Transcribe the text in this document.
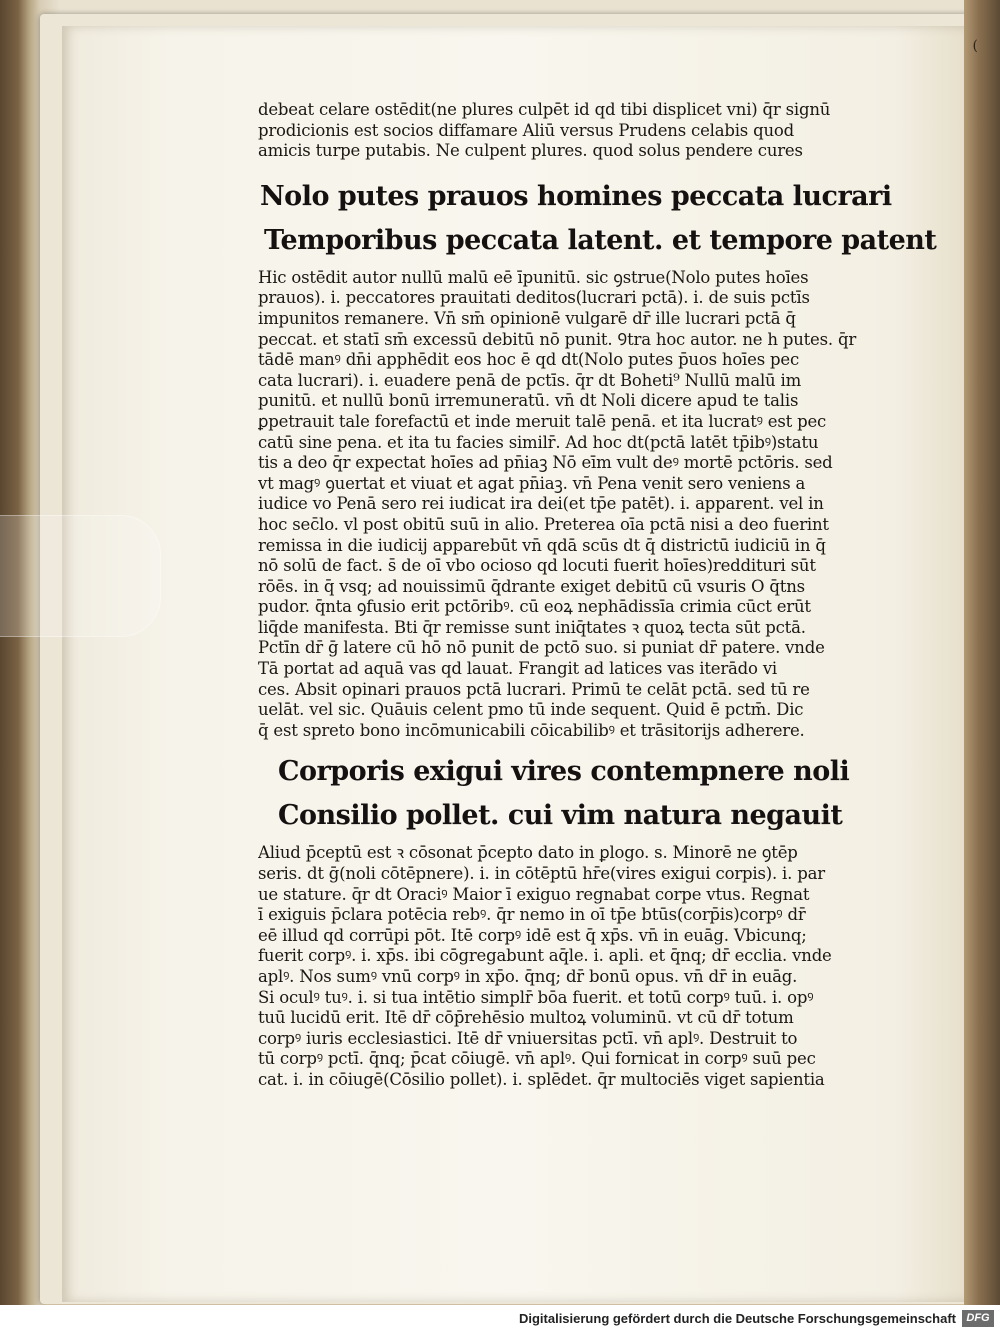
(
debeat celare ostēdit(ne plures culpēt id qd tibi displicet vni) q̄r signū
prodicionis est socios diffamare Aliū versus Prudens celabis quod
amicis turpe putabis. Ne culpent plures. quod solus pendere cures
Nolo putes prauos homines peccata lucrari
Temporibus peccata latent. et tempore patent
Hic ostēdit autor nullū malū eē īpunitū. sic ꝯstrue(Nolo putes hoīes
prauos). i. peccatores prauitati deditos(lucrari pctā). i. de suis pctīs
impunitos remanere. Vn̄ sm̄ opinionē vulgarē dr̄ ille lucrari pctā q̄
peccat. et statī sm̄ excessū debitū nō punit̄. Ꝯtra hoc autor. ne h̄ putes. q̄r
tādē manꝰ dn̄i apphēdit eos hoc ē qd̄ dt̄(Nolo putes p̄uos hoīes pec
cata lucrari). i. euadere penā de pctīs. q̄r dt̄ Boheti⁹ Nullū malū im
punitū. et nullū bonū irremuneratū. vn̄ dt̄ Noli dicere apud te talis
ꝑpetrauit tale forefactū et inde meruit talē penā. et ita lucratꝰ est pec
catū sine pena. et ita tu facies similr̄. Ad hoc dt̄(pctā latēt tp̄ibꝰ)statu
tis a deo q̄r expectat hoīes ad pn̄iaꝫ Nō eīm vult deꝰ mortē pctōris. sed
vt magꝰ ꝯuertat̄ et viuat et agat pn̄iaꝫ. vn̄ Pena venit sero veniens a
iudice vo Penā sero rei iudicat ira dei(et tp̄e patēt). i. apparent. vel in
hoc sec̄lo. vl̄ post obitū suū in alio. Preterea oīa pctā nisi a deo fuerint
remissa in die iudicij apparebūt vn̄ qdā scūs dt̄ q̄ districtū iudiciū in q̄
nō solū de fact̄. s̄ de oī vbo ocioso qd̄ locuti fuerit hoīes)reddituri sūt
rōēs. in q̄ vsq; ad nouissimū q̄drante exiget̄ debitū cū vsuris O q̄tns
pudor. q̄nta ꝯfusio erit pctōribꝰ. cū eoꝝ nephādissīa crimia cūct̄ erūt
liq̄de manifesta. Bti q̄r remisse sunt iniq̄tates ꝛ quoꝝ tecta sūt pctā.
Pctīn dr̄ ḡ latere cū hō nō punit̄ de pctō suo. si puniat̄ dr̄ patere. vnde
Tā portat̄ ad aquā vas qd̄ lauat. Frangit̄ ad latices vas iterādo vi
ces. Absit opinari prauos pctā lucrari. Primū te celāt pctā. sed tū re
uelāt. vel sic. Quāuis celent̄ pmo tū inde sequent̄. Quid ē pctm̄. Dic
q̄ est spreto bono incōmunicabili cōicabilibꝰ et trāsitorijs adherere.
Corporis exigui vires contempnere noli
Consilio pollet. cui vim natura negauit
Aliud p̄ceptū est ꝛ cōsonat p̄cepto dato in ꝑlogo. s. Minorē ne ꝯtēp
seris. dt̄ ḡ(noli cōtēpnere). i. in cōtēptū hr̄e(vires exigui corpis). i. par
ue stature. q̄r dt̄ Oraciꝰ Maior ī exiguo regnabat corpe vtus. Regnat
ī exiguis p̄clara potēcia rebꝰ. q̄r nemo in oī tp̄e btūs(corp̄is)corpꝰ dr̄
eē illud qd̄ corrūpi pōt. Itē corpꝰ idē est q̄ xp̄s. vn̄ in euāg. Vbicunq;
fuerit corpꝰ. i. xp̄s. ibi cōgregabunt̄ aq̄le. i. apl̄i. et q̄nq; dr̄ eccl̄ia. vnde
aplꝰ. Nos sumꝰ vnū corpꝰ in xp̄o. q̄nq; dr̄ bonū opus. vn̄ dr̄ in euāg.
Si oculꝰ tuꝰ. i. si tua intētio simplr̄ bōa fuerit. et totū corpꝰ tuū. i. opꝰ
tuū lucidū erit. Itē dr̄ cōp̄rehēsio multoꝝ voluminū. vt cū dr̄ totum
corpꝰ iuris ecclesiastici. Itē dr̄ vniuersitas pctī. vn̄ aplꝰ. Destruit to
tū corpꝰ pctī. q̄nq; p̄cat cōiugē. vn̄ aplꝰ. Qui fornicat̄ in corpꝰ suū pec
cat. i. in cōiugē(Cōsilio pollet). i. splēdet. q̄r multociēs viget sapientia
Digitalisierung gefördert durch die Deutsche Forschungsgemeinschaft DFG
